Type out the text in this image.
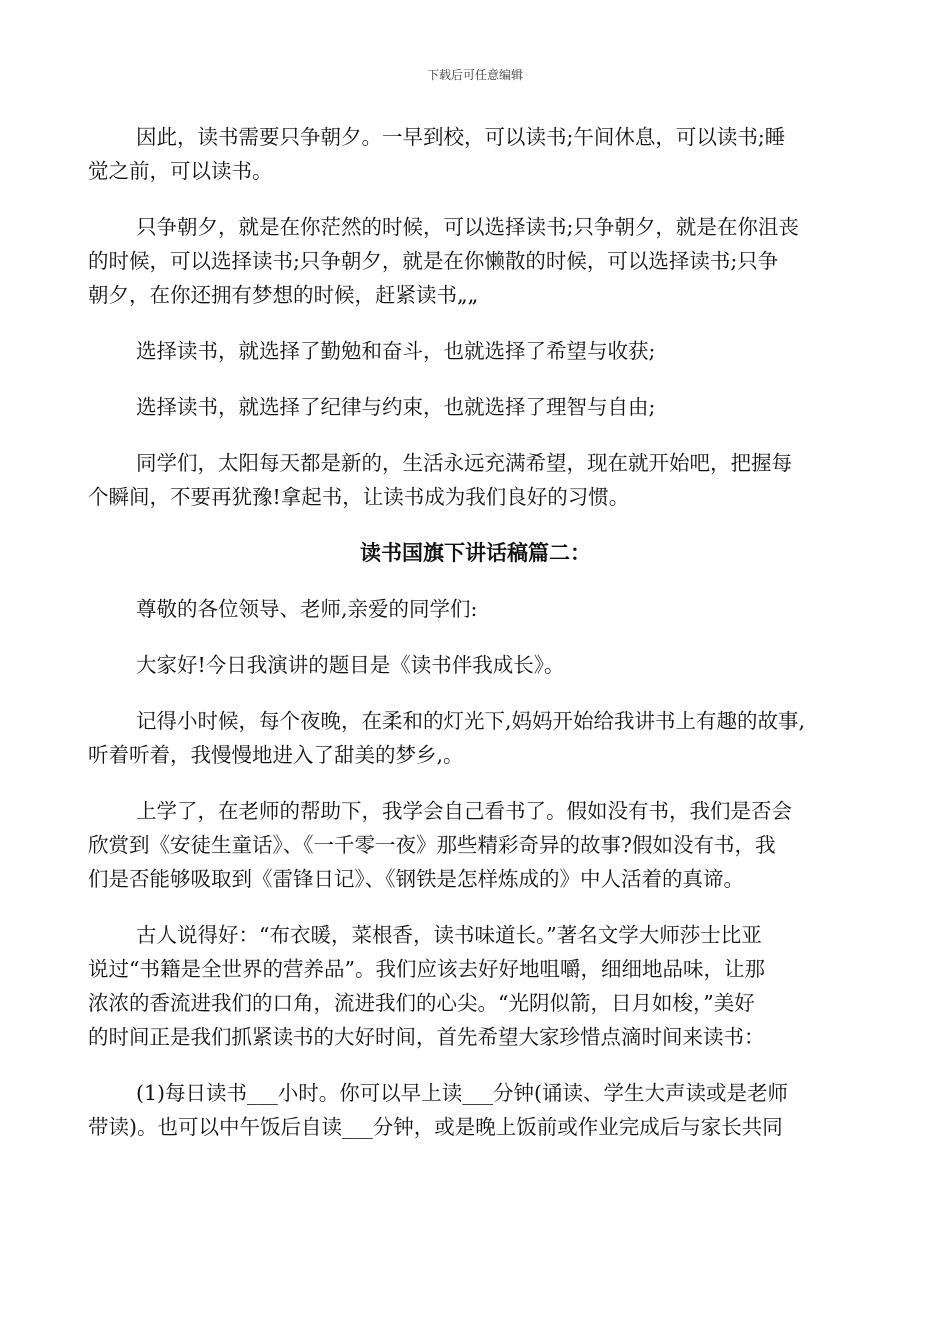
下载后可任意编辑
因此，读书需要只争朝夕。一早到校，可以读书;午间休息，可以读书;睡
觉之前，可以读书。
只争朝夕，就是在你茫然的时候，可以选择读书;只争朝夕，就是在你沮丧
的时候，可以选择读书;只争朝夕，就是在你懒散的时候，可以选择读书;只争
朝夕，在你还拥有梦想的时候，赶紧读书„„
选择读书，就选择了勤勉和奋斗，也就选择了希望与收获;
选择读书，就选择了纪律与约束，也就选择了理智与自由;
同学们，太阳每天都是新的，生活永远充满希望，现在就开始吧，把握每
个瞬间，不要再犹豫!拿起书，让读书成为我们良好的习惯。
读书国旗下讲话稿篇二：
尊敬的各位领导、老师,亲爱的同学们:
大家好!今日我演讲的题目是《读书伴我成长》。
记得小时候，每个夜晚，在柔和的灯光下,妈妈开始给我讲书上有趣的故事,
听着听着，我慢慢地进入了甜美的梦乡,。
上学了，在老师的帮助下，我学会自己看书了。假如没有书，我们是否会
欣赏到《安徒生童话》、《一千零一夜》那些精彩奇异的故事?假如没有书，我
们是否能够吸取到《雷锋日记》、《钢铁是怎样炼成的》中人活着的真谛。
古人说得好：“布衣暖，菜根香，读书味道长。”著名文学大师莎士比亚
说过“书籍是全世界的营养品”。我们应该去好好地咀嚼，细细地品味，让那
浓浓的香流进我们的口角，流进我们的心尖。“光阴似箭，日月如梭，”美好
的时间正是我们抓紧读书的大好时间，首先希望大家珍惜点滴时间来读书：
(1)每日读书___小时。你可以早上读___分钟(诵读、学生大声读或是老师
带读)。也可以中午饭后自读___分钟，或是晚上饭前或作业完成后与家长共同
